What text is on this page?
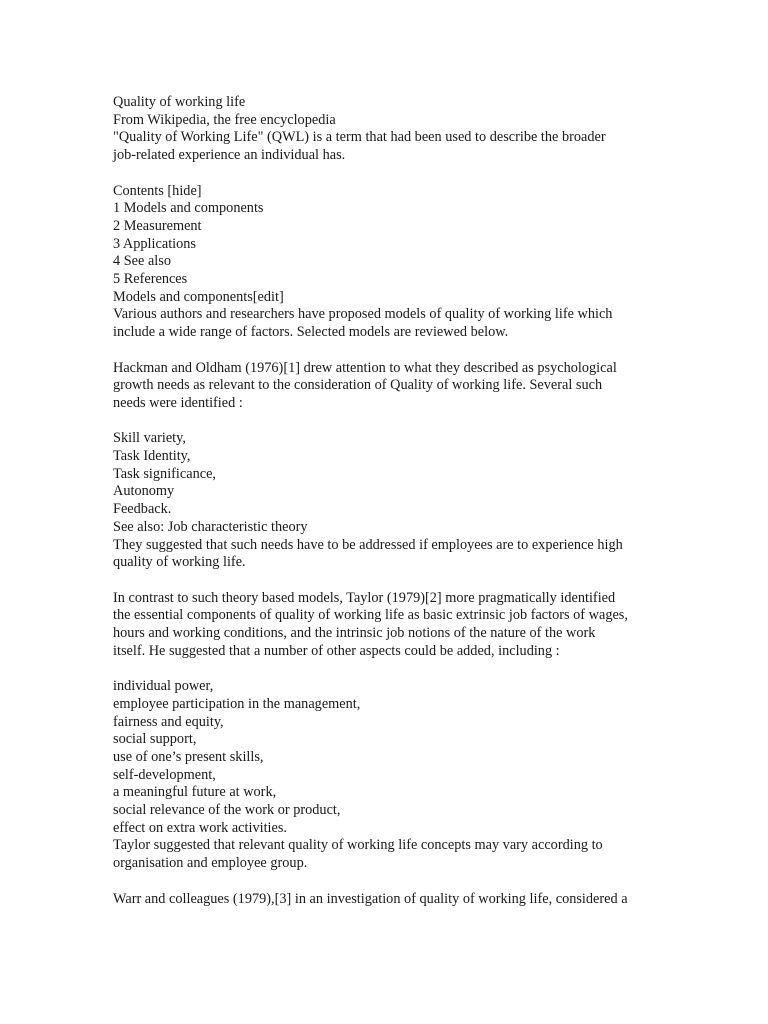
Quality of working life
From Wikipedia, the free encyclopedia
"Quality of Working Life" (QWL) is a term that had been used to describe the broader
job-related experience an individual has.
Contents [hide]
1 Models and components
2 Measurement
3 Applications
4 See also
5 References
Models and components[edit]
Various authors and researchers have proposed models of quality of working life which
include a wide range of factors. Selected models are reviewed below.
Hackman and Oldham (1976)[1] drew attention to what they described as psychological
growth needs as relevant to the consideration of Quality of working life. Several such
needs were identified :
Skill variety,
Task Identity,
Task significance,
Autonomy
Feedback.
See also: Job characteristic theory
They suggested that such needs have to be addressed if employees are to experience high
quality of working life.
In contrast to such theory based models, Taylor (1979)[2] more pragmatically identified
the essential components of quality of working life as basic extrinsic job factors of wages,
hours and working conditions, and the intrinsic job notions of the nature of the work
itself. He suggested that a number of other aspects could be added, including :
individual power,
employee participation in the management,
fairness and equity,
social support,
use of one’s present skills,
self-development,
a meaningful future at work,
social relevance of the work or product,
effect on extra work activities.
Taylor suggested that relevant quality of working life concepts may vary according to
organisation and employee group.
Warr and colleagues (1979),[3] in an investigation of quality of working life, considered a
